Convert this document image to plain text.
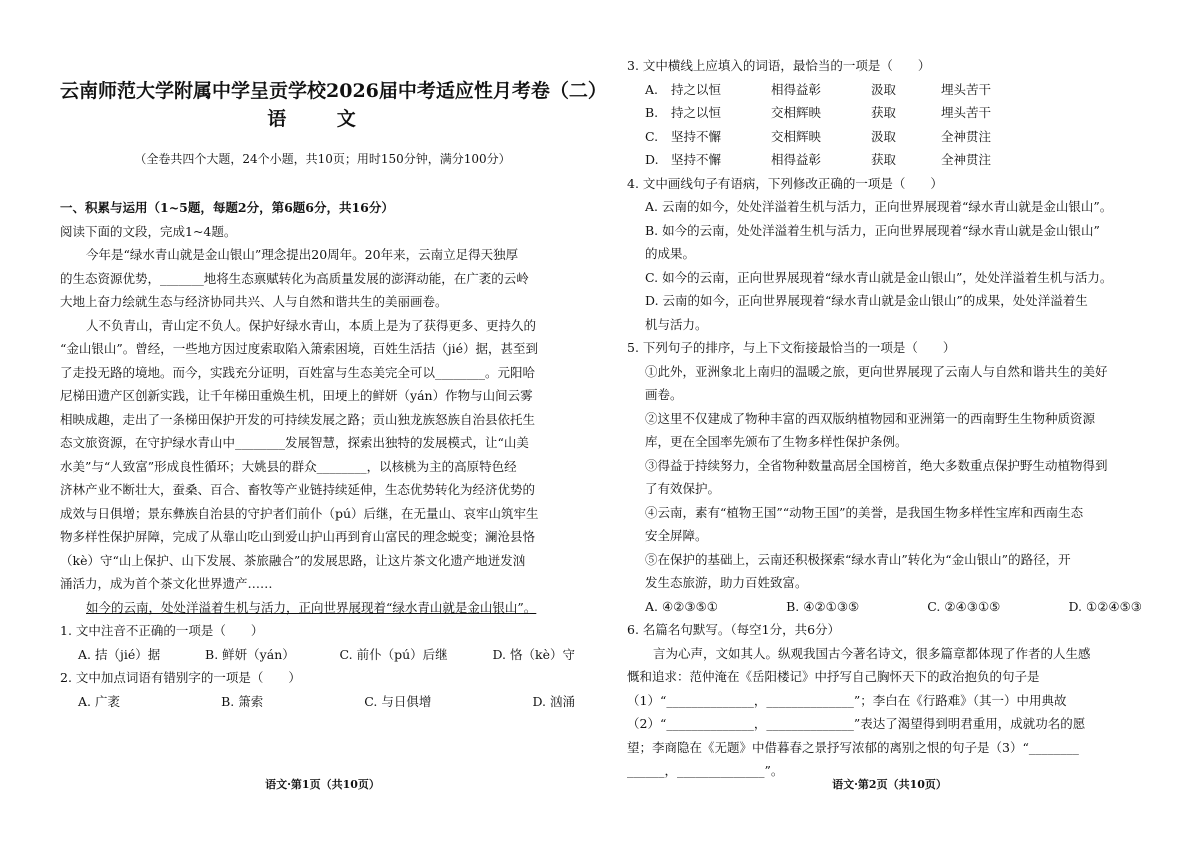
云南师范大学附属中学呈贡学校2026届中考适应性月考卷（二）
语 文
（全卷共四个大题，24个小题，共10页；用时150分钟，满分100分）
一、积累与运用（1~5题，每题2分，第6题6分，共16分）
阅读下面的文段，完成1~4题。
今年是“绿水青山就是金山银山”理念提出20周年。20年来，云南立足得天独厚
的生态资源优势，_______地将生态禀赋转化为高质量发展的澎湃动能，在广袤的云岭
大地上奋力绘就生态与经济协同共兴、人与自然和谐共生的美丽画卷。
人不负青山，青山定不负人。保护好绿水青山，本质上是为了获得更多、更持久的
“金山银山”。曾经，一些地方因过度索取陷入箫索困境，百姓生活拮（jié）据，甚至到
了走投无路的境地。而今，实践充分证明，百姓富与生态美完全可以________。元阳哈
尼梯田遗产区创新实践，让千年梯田重焕生机，田埂上的鲜妍（yán）作物与山间云雾
相映成趣，走出了一条梯田保护开发的可持续发展之路；贡山独龙族怒族自治县依托生
态文旅资源，在守护绿水青山中________发展智慧，探索出独特的发展模式，让“山美
水美”与“人致富”形成良性循环；大姚县的群众________，以核桃为主的高原特色经
济林产业不断壮大，蚕桑、百合、畜牧等产业链持续延伸，生态优势转化为经济优势的
成效与日俱增；景东彝族自治县的守护者们前仆（pú）后继，在无量山、哀牢山筑牢生
物多样性保护屏障，完成了从靠山吃山到爱山护山再到育山富民的理念蜕变；澜沧县恪
（kè）守“山上保护、山下发展、茶旅融合”的发展思路，让这片茶文化遗产地迸发汹
涌活力，成为首个茶文化世界遗产……
如今的云南，处处洋溢着生机与活力，正向世界展现着“绿水青山就是金山银山”。
1. 文中注音不正确的一项是（　　）
A. 拮（jié）据	B. 鲜妍（yán）	C. 前仆（pú）后继	D. 恪（kè）守
2. 文中加点词语有错别字的一项是（　　）
A. 广袤	B. 箫索	C. 与日俱增	D. 汹涌
语文·第1页（共10页）
3. 文中横线上应填入的词语，最恰当的一项是（　　）
A.	持之以恒	相得益彰	汲取	埋头苦干
B.	持之以恒	交相辉映	获取	埋头苦干
C.	坚持不懈	交相辉映	汲取	全神贯注
D. 坚持不懈	相得益彰	获取	全神贯注
4. 文中画线句子有语病，下列修改正确的一项是（　　）
A. 云南的如今，处处洋溢着生机与活力，正向世界展现着“绿水青山就是金山银山”。
B. 如今的云南，处处洋溢着生机与活力，正向世界展现着“绿水青山就是金山银山”
的成果。
C. 如今的云南，正向世界展现着“绿水青山就是金山银山”，处处洋溢着生机与活力。
D. 云南的如今，正向世界展现着“绿水青山就是金山银山”的成果，处处洋溢着生
机与活力。
5. 下列句子的排序，与上下文衔接最恰当的一项是（　　）
①此外，亚洲象北上南归的温暖之旅，更向世界展现了云南人与自然和谐共生的美好
画卷。
②这里不仅建成了物种丰富的西双版纳植物园和亚洲第一的西南野生生物种质资源
库，更在全国率先颁布了生物多样性保护条例。
③得益于持续努力，全省物种数量高居全国榜首，绝大多数重点保护野生动植物得到
了有效保护。
④云南，素有“植物王国”“动物王国”的美誉，是我国生物多样性宝库和西南生态
安全屏障。
⑤在保护的基础上，云南还积极探索“绿水青山”转化为“金山银山”的路径，开
发生态旅游，助力百姓致富。
A. ④②③⑤①	B. ④②①③⑤	C. ②④③①⑤	D. ①②④⑤③
6. 名篇名句默写。（每空1分，共6分）
言为心声，文如其人。纵观我国古今著名诗文，很多篇章都体现了作者的人生感
慨和追求：范仲淹在《岳阳楼记》中抒写自己胸怀天下的政治抱负的句子是
（1）“______________，______________”；李白在《行路难》（其一）中用典故
（2）“______________，______________”表达了渴望得到明君重用，成就功名的愿
望；李商隐在《无题》中借暮春之景抒写浓郁的离别之恨的句子是（3）“________
______，______________”。
语文·第2页（共10页）
